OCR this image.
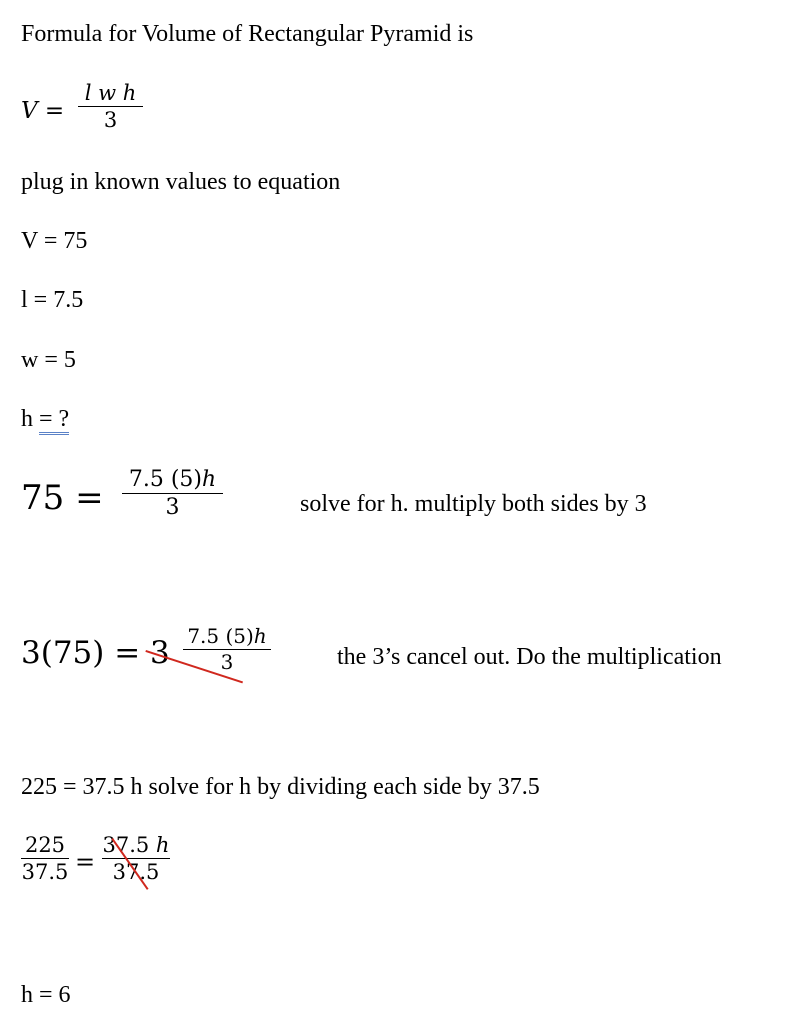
Formula for Volume of Rectangular Pyramid is
V =
l w h
3
plug in known values to equation
V = 75
l = 7.5
w = 5
h = ?
75 =	7.5 (5)ℎ
3	solve for h. multiply both sides by 3
3(75) = 3 7.5 (5)ℎ
3	the 3’s cancel out. Do the multiplication
225 = 37.5 h solve for h by dividing each side by 37.5
225
37.5 =
37.5 ℎ
37.5
h = 6
